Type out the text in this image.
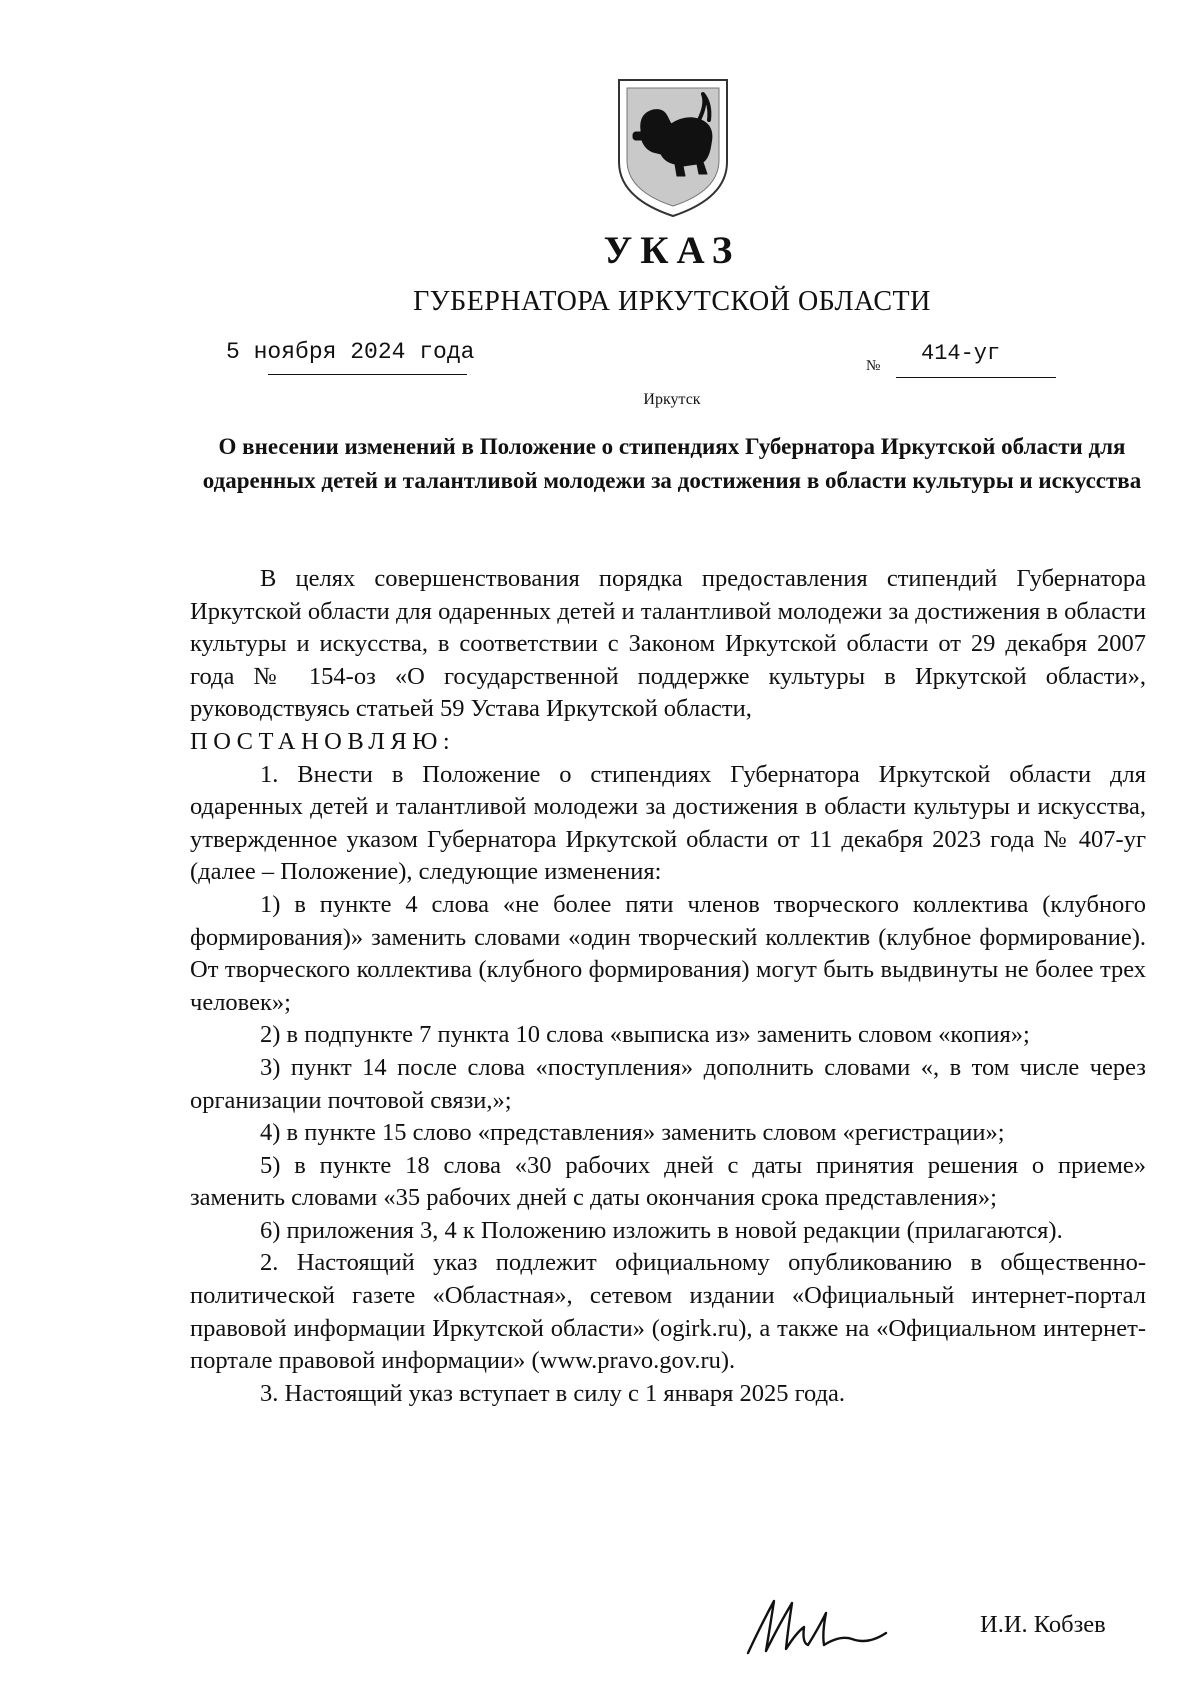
УКАЗ
ГУБЕРНАТОРА ИРКУТСКОЙ ОБЛАСТИ
5 ноября 2024 года
№ 414-уг
Иркутск
О внесении изменений в Положение о стипендиях Губернатора Иркутской области для одаренных детей и талантливой молодежи за достижения в области культуры и искусства

В целях совершенствования порядка предоставления стипендий Губернатора Иркутской области для одаренных детей и талантливой молодежи за достижения в области культуры и искусства, в соответствии с Законом Иркутской области от 29 декабря 2007 года № 154-оз «О государственной поддержке культуры в Иркутской области», руководствуясь статьей 59 Устава Иркутской области,

ПОСТАНОВЛЯЮ:

1. Внести в Положение о стипендиях Губернатора Иркутской области для одаренных детей и талантливой молодежи за достижения в области культуры и искусства, утвержденное указом Губернатора Иркутской области от 11 декабря 2023 года № 407-уг (далее – Положение), следующие изменения:

1) в пункте 4 слова «не более пяти членов творческого коллектива (клубного формирования)» заменить словами «один творческий коллектив (клубное формирование). От творческого коллектива (клубного формирования) могут быть выдвинуты не более трех человек»;

2) в подпункте 7 пункта 10 слова «выписка из» заменить словом «копия»;

3) пункт 14 после слова «поступления» дополнить словами «, в том числе через организации почтовой связи,»;

4) в пункте 15 слово «представления» заменить словом «регистрации»;

5) в пункте 18 слова «30 рабочих дней с даты принятия решения о приеме» заменить словами «35 рабочих дней с даты окончания срока представления»;

6) приложения 3, 4 к Положению изложить в новой редакции (прилагаются).

2. Настоящий указ подлежит официальному опубликованию в общественно-политической газете «Областная», сетевом издании «Официальный интернет-портал правовой информации Иркутской области» (ogirk.ru), а также на «Официальном интернет-портале правовой информации» (www.pravo.gov.ru).

3. Настоящий указ вступает в силу с 1 января 2025 года.

И.И. Кобзев
